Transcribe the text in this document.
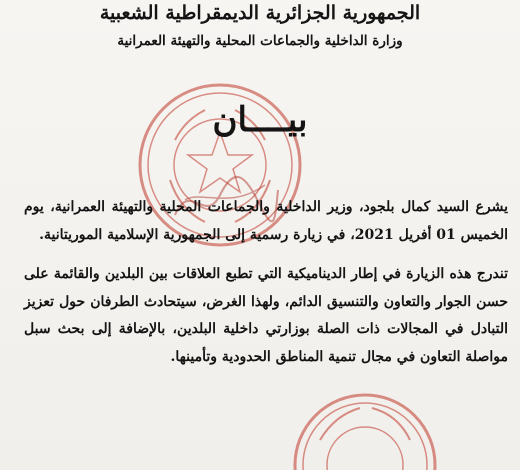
الجمهورية الجزائرية الديمقراطية الشعبية
وزارة الداخلية والجماعات المحلية والتهيئة العمرانية
بيــــان

يشرع السيد كمال بلجود، وزير الداخلية والجماعات المحلية والتهيئة العمرانية، يوم الخميس 01 أفريل 2021، في زيارة رسمية إلى الجمهورية الإسلامية الموريتانية.

تندرج هذه الزيارة في إطار الديناميكية التي تطبع العلاقات بين البلدين والقائمة على حسن الجوار والتعاون والتنسيق الدائم، ولهذا الغرض، سيتحادث الطرفان حول تعزيز التبادل في المجالات ذات الصلة بوزارتي داخلية البلدين، بالإضافة إلى بحث سبل مواصلة التعاون في مجال تنمية المناطق الحدودية وتأمينها.
